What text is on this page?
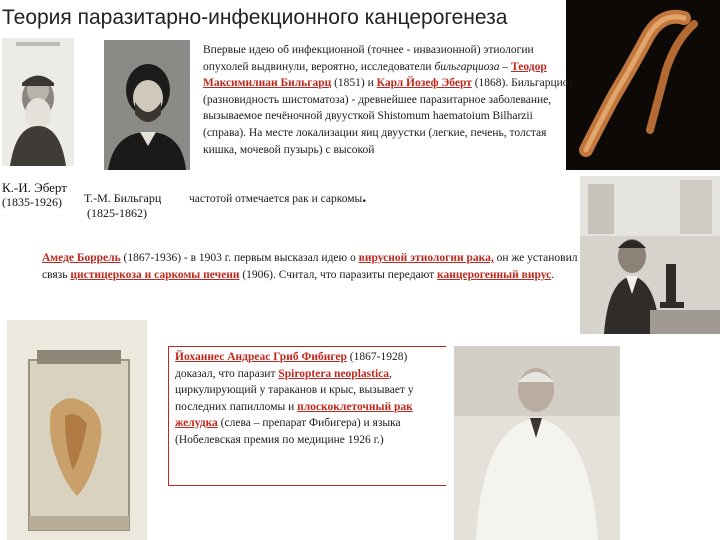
Теория паразитарно-инфекционного канцерогенеза
Впервые идею об инфекционной (точнее - инвазионной) этиологии опухолей выдвинули, вероятно, исследователи бильгарциоза – Теодор Максимилиан Бильгарц (1851) и Карл Йозеф Эберт (1868). Бильгарциоз (разновидность шистоматоза) - древнейшее паразитарное заболевание, вызываемое печёночной двуусткой Shistomum haematoium Bilharzii (справа). На месте локализации яиц двуустки (легкие, печень, толстая кишка, мочевой пузырь) с высокой
частотой отмечается рак и саркомы.
К.-И. Эберт
(1835-1926)	Т.-М. Бильгарц
(1825-1862)
Амеде Боррель (1867-1936) - в 1903 г. первым высказал идею о вирусной этиологии рака, он же установил связь цистицеркоза и саркомы печени (1906). Считал, что паразиты передают канцерогенный вирус.
Йоханнес Андреас Гриб Фибигер (1867-1928) доказал, что паразит Spiroptera neoplastica, циркулирующий у тараканов и крыс, вызывает у последних папилломы и плоскоклеточный рак желудка (слева – препарат Фибигера) и языка (Нобелевская премия по медицине 1926 г.)
